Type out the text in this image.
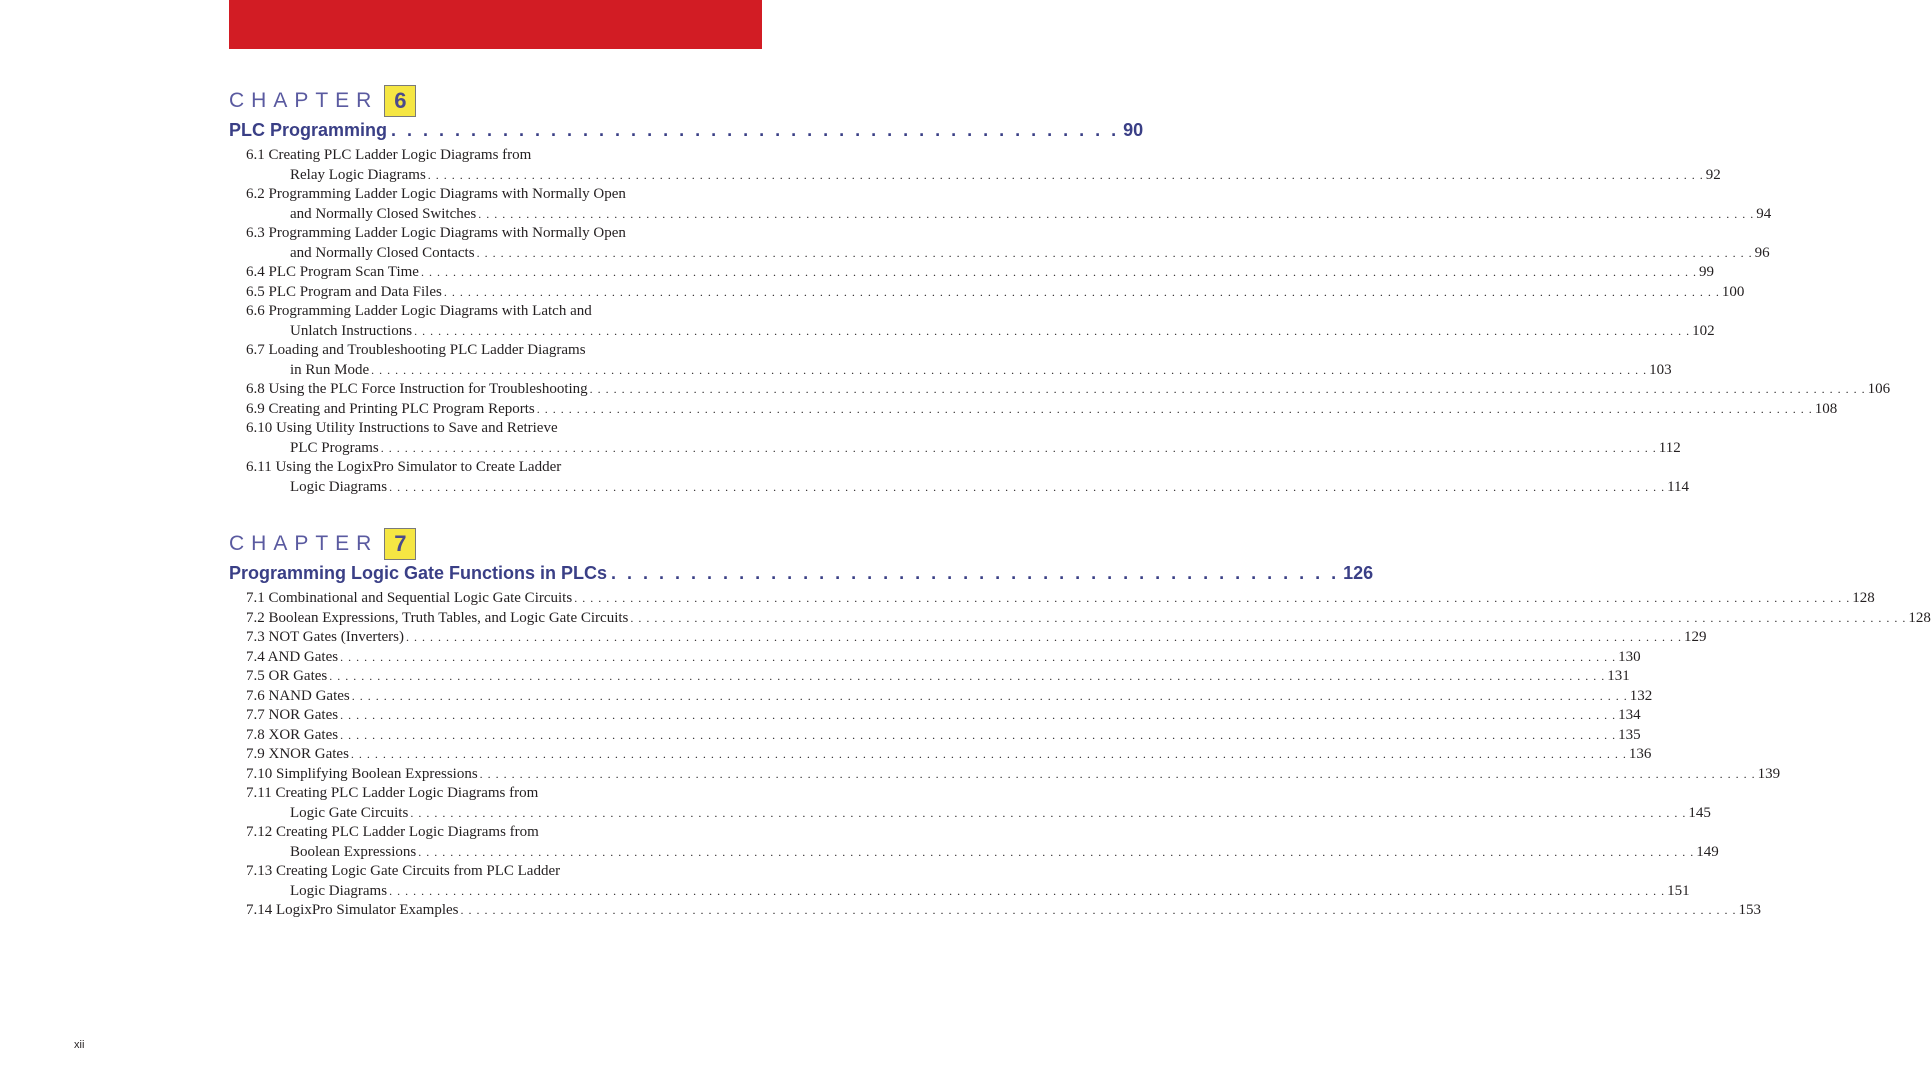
CHAPTER 6
PLC Programming . . . . . . . . . . . . . . . . . . . . . . . . . . . . . . . . . . . . . . . . . . . . . . 90
6.1 Creating PLC Ladder Logic Diagrams from
Relay Logic Diagrams . . . . . . . . . . . . . . . . . . . . . . . . . . . . . . . . . . . . . . . . . . . . . . . . . . . . . . . . . . . . . . . . . . . . . . . . . . . . . . . . . . . . . . . . . . . . . . . . . . . . . . . . . . . . . . . . . . . . . . . . . . . . . . . . . . . . . . . . . . . . . . . . . . . . . . . . . . . . . . . . 92
6.2 Programming Ladder Logic Diagrams with Normally Open
and Normally Closed Switches . . . . . . . . . . . . . . . . . . . . . . . . . . . . . . . . . . . . . . . . . . . . . . . . . . . . . . . . . . . . . . . . . . . . . . . . . . . . . . . . . . . . . . . . . . . . . . . . . . . . . . . . . . . . . . . . . . . . . . . . . . . . . . . . . . . . . . . . . . . . . . . . . . . . . . . . . . . . . . . . 94
6.3 Programming Ladder Logic Diagrams with Normally Open
and Normally Closed Contacts . . . . . . . . . . . . . . . . . . . . . . . . . . . . . . . . . . . . . . . . . . . . . . . . . . . . . . . . . . . . . . . . . . . . . . . . . . . . . . . . . . . . . . . . . . . . . . . . . . . . . . . . . . . . . . . . . . . . . . . . . . . . . . . . . . . . . . . . . . . . . . . . . . . . . . . . . . . . . . . . 96
6.4 PLC Program Scan Time . . . . . . . . . . . . . . . . . . . . . . . . . . . . . . . . . . . . . . . . . . . . . . . . . . . . . . . . . . . . . . . . . . . . . . . . . . . . . . . . . . . . . . . . . . . . . . . . . . . . . . . . . . . . . . . . . . . . . . . . . . . . . . . . . . . . . . . . . . . . . . . . . . . . . . . . . . . . . . . . 99
6.5 PLC Program and Data Files . . . . . . . . . . . . . . . . . . . . . . . . . . . . . . . . . . . . . . . . . . . . . . . . . . . . . . . . . . . . . . . . . . . . . . . . . . . . . . . . . . . . . . . . . . . . . . . . . . . . . . . . . . . . . . . . . . . . . . . . . . . . . . . . . . . . . . . . . . . . . . . . . . . . . . . . . . . . . . . . 100
6.6 Programming Ladder Logic Diagrams with Latch and
Unlatch Instructions . . . . . . . . . . . . . . . . . . . . . . . . . . . . . . . . . . . . . . . . . . . . . . . . . . . . . . . . . . . . . . . . . . . . . . . . . . . . . . . . . . . . . . . . . . . . . . . . . . . . . . . . . . . . . . . . . . . . . . . . . . . . . . . . . . . . . . . . . . . . . . . . . . . . . . . . . . . . . . . . 102
6.7 Loading and Troubleshooting PLC Ladder Diagrams
in Run Mode . . . . . . . . . . . . . . . . . . . . . . . . . . . . . . . . . . . . . . . . . . . . . . . . . . . . . . . . . . . . . . . . . . . . . . . . . . . . . . . . . . . . . . . . . . . . . . . . . . . . . . . . . . . . . . . . . . . . . . . . . . . . . . . . . . . . . . . . . . . . . . . . . . . . . . . . . . . . . . . . 103
6.8 Using the PLC Force Instruction for Troubleshooting . . . . . . . . . . . . . . . . . . . . . . . . . . . . . . . . . . . . . . . . . . . . . . . . . . . . . . . . . . . . . . . . . . . . . . . . . . . . . . . . . . . . . . . . . . . . . . . . . . . . . . . . . . . . . . . . . . . . . . . . . . . . . . . . . . . . . . . . . . . . . . . . . . . . . . . . . . . . . . . . 106
6.9 Creating and Printing PLC Program Reports . . . . . . . . . . . . . . . . . . . . . . . . . . . . . . . . . . . . . . . . . . . . . . . . . . . . . . . . . . . . . . . . . . . . . . . . . . . . . . . . . . . . . . . . . . . . . . . . . . . . . . . . . . . . . . . . . . . . . . . . . . . . . . . . . . . . . . . . . . . . . . . . . . . . . . . . . . . . . . . . 108
6.10 Using Utility Instructions to Save and Retrieve
PLC Programs . . . . . . . . . . . . . . . . . . . . . . . . . . . . . . . . . . . . . . . . . . . . . . . . . . . . . . . . . . . . . . . . . . . . . . . . . . . . . . . . . . . . . . . . . . . . . . . . . . . . . . . . . . . . . . . . . . . . . . . . . . . . . . . . . . . . . . . . . . . . . . . . . . . . . . . . . . . . . . . . 112
6.11 Using the LogixPro Simulator to Create Ladder
Logic Diagrams . . . . . . . . . . . . . . . . . . . . . . . . . . . . . . . . . . . . . . . . . . . . . . . . . . . . . . . . . . . . . . . . . . . . . . . . . . . . . . . . . . . . . . . . . . . . . . . . . . . . . . . . . . . . . . . . . . . . . . . . . . . . . . . . . . . . . . . . . . . . . . . . . . . . . . . . . . . . . . . . 114
CHAPTER 7
Programming Logic Gate Functions in PLCs . . . . . . . . . . . . . . . . . . . . . . . . . . . . . . . . . . . . . . . . . . . . . . 126
7.1 Combinational and Sequential Logic Gate Circuits . . . . . . . . . . . . . . . . . . . . . . . . . . . . . . . . . . . . . . . . . . . . . . . . . . . . . . . . . . . . . . . . . . . . . . . . . . . . . . . . . . . . . . . . . . . . . . . . . . . . . . . . . . . . . . . . . . . . . . . . . . . . . . . . . . . . . . . . . . . . . . . . . . . . . . . . . . . . . . . . 128
7.2 Boolean Expressions, Truth Tables, and Logic Gate Circuits . . . . . . . . . . . . . . . . . . . . . . . . . . . . . . . . . . . . . . . . . . . . . . . . . . . . . . . . . . . . . . . . . . . . . . . . . . . . . . . . . . . . . . . . . . . . . . . . . . . . . . . . . . . . . . . . . . . . . . . . . . . . . . . . . . . . . . . . . . . . . . . . . . . . . . . . . . . . . . . . 128
7.3 NOT Gates (Inverters) . . . . . . . . . . . . . . . . . . . . . . . . . . . . . . . . . . . . . . . . . . . . . . . . . . . . . . . . . . . . . . . . . . . . . . . . . . . . . . . . . . . . . . . . . . . . . . . . . . . . . . . . . . . . . . . . . . . . . . . . . . . . . . . . . . . . . . . . . . . . . . . . . . . . . . . . . . . . . . . . 129
7.4 AND Gates . . . . . . . . . . . . . . . . . . . . . . . . . . . . . . . . . . . . . . . . . . . . . . . . . . . . . . . . . . . . . . . . . . . . . . . . . . . . . . . . . . . . . . . . . . . . . . . . . . . . . . . . . . . . . . . . . . . . . . . . . . . . . . . . . . . . . . . . . . . . . . . . . . . . . . . . . . . . . . . . 130
7.5 OR Gates . . . . . . . . . . . . . . . . . . . . . . . . . . . . . . . . . . . . . . . . . . . . . . . . . . . . . . . . . . . . . . . . . . . . . . . . . . . . . . . . . . . . . . . . . . . . . . . . . . . . . . . . . . . . . . . . . . . . . . . . . . . . . . . . . . . . . . . . . . . . . . . . . . . . . . . . . . . . . . . . 131
7.6 NAND Gates . . . . . . . . . . . . . . . . . . . . . . . . . . . . . . . . . . . . . . . . . . . . . . . . . . . . . . . . . . . . . . . . . . . . . . . . . . . . . . . . . . . . . . . . . . . . . . . . . . . . . . . . . . . . . . . . . . . . . . . . . . . . . . . . . . . . . . . . . . . . . . . . . . . . . . . . . . . . . . . . 132
7.7 NOR Gates . . . . . . . . . . . . . . . . . . . . . . . . . . . . . . . . . . . . . . . . . . . . . . . . . . . . . . . . . . . . . . . . . . . . . . . . . . . . . . . . . . . . . . . . . . . . . . . . . . . . . . . . . . . . . . . . . . . . . . . . . . . . . . . . . . . . . . . . . . . . . . . . . . . . . . . . . . . . . . . . 134
7.8 XOR Gates . . . . . . . . . . . . . . . . . . . . . . . . . . . . . . . . . . . . . . . . . . . . . . . . . . . . . . . . . . . . . . . . . . . . . . . . . . . . . . . . . . . . . . . . . . . . . . . . . . . . . . . . . . . . . . . . . . . . . . . . . . . . . . . . . . . . . . . . . . . . . . . . . . . . . . . . . . . . . . . . 135
7.9 XNOR Gates . . . . . . . . . . . . . . . . . . . . . . . . . . . . . . . . . . . . . . . . . . . . . . . . . . . . . . . . . . . . . . . . . . . . . . . . . . . . . . . . . . . . . . . . . . . . . . . . . . . . . . . . . . . . . . . . . . . . . . . . . . . . . . . . . . . . . . . . . . . . . . . . . . . . . . . . . . . . . . . . 136
7.10 Simplifying Boolean Expressions . . . . . . . . . . . . . . . . . . . . . . . . . . . . . . . . . . . . . . . . . . . . . . . . . . . . . . . . . . . . . . . . . . . . . . . . . . . . . . . . . . . . . . . . . . . . . . . . . . . . . . . . . . . . . . . . . . . . . . . . . . . . . . . . . . . . . . . . . . . . . . . . . . . . . . . . . . . . . . . . 139
7.11 Creating PLC Ladder Logic Diagrams from
Logic Gate Circuits . . . . . . . . . . . . . . . . . . . . . . . . . . . . . . . . . . . . . . . . . . . . . . . . . . . . . . . . . . . . . . . . . . . . . . . . . . . . . . . . . . . . . . . . . . . . . . . . . . . . . . . . . . . . . . . . . . . . . . . . . . . . . . . . . . . . . . . . . . . . . . . . . . . . . . . . . . . . . . . . 145
7.12 Creating PLC Ladder Logic Diagrams from
Boolean Expressions . . . . . . . . . . . . . . . . . . . . . . . . . . . . . . . . . . . . . . . . . . . . . . . . . . . . . . . . . . . . . . . . . . . . . . . . . . . . . . . . . . . . . . . . . . . . . . . . . . . . . . . . . . . . . . . . . . . . . . . . . . . . . . . . . . . . . . . . . . . . . . . . . . . . . . . . . . . . . . . . 149
7.13 Creating Logic Gate Circuits from PLC Ladder
Logic Diagrams . . . . . . . . . . . . . . . . . . . . . . . . . . . . . . . . . . . . . . . . . . . . . . . . . . . . . . . . . . . . . . . . . . . . . . . . . . . . . . . . . . . . . . . . . . . . . . . . . . . . . . . . . . . . . . . . . . . . . . . . . . . . . . . . . . . . . . . . . . . . . . . . . . . . . . . . . . . . . . . . 151
7.14 LogixPro Simulator Examples . . . . . . . . . . . . . . . . . . . . . . . . . . . . . . . . . . . . . . . . . . . . . . . . . . . . . . . . . . . . . . . . . . . . . . . . . . . . . . . . . . . . . . . . . . . . . . . . . . . . . . . . . . . . . . . . . . . . . . . . . . . . . . . . . . . . . . . . . . . . . . . . . . . . . . . . . . . . . . . . 153
xii
